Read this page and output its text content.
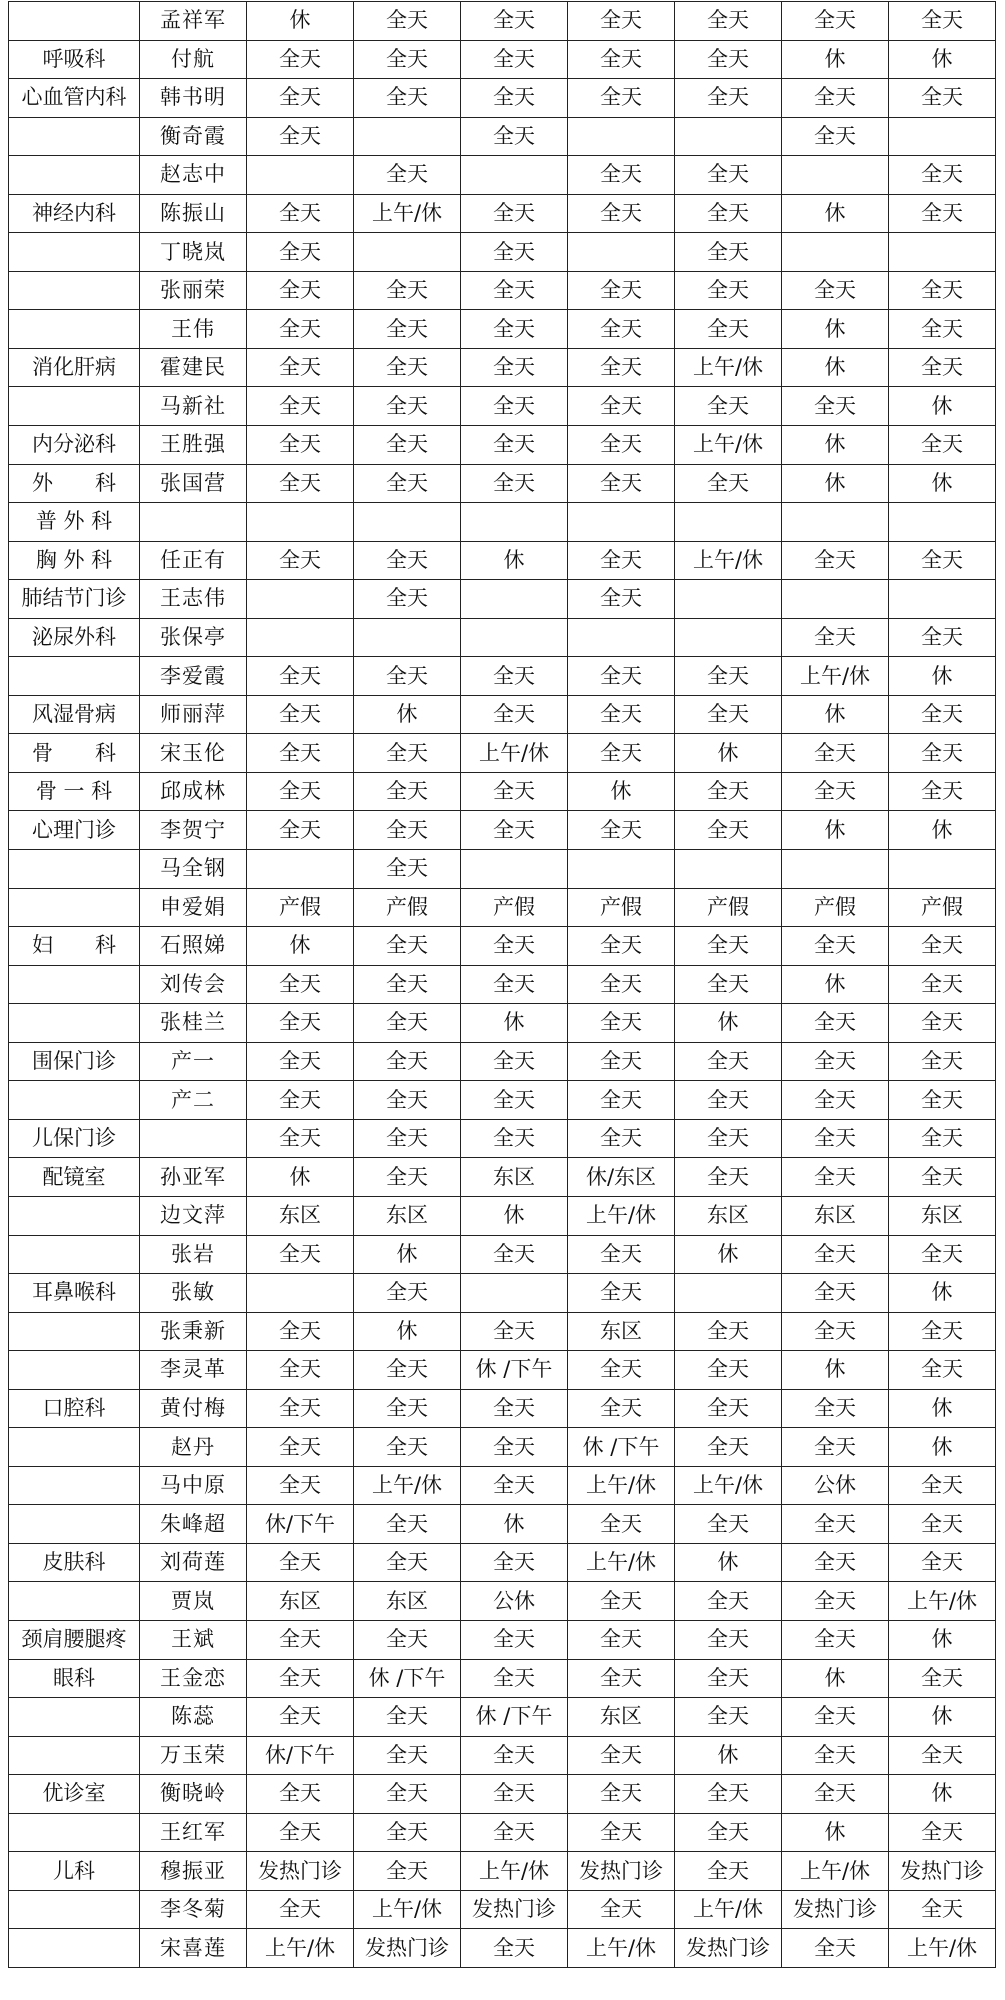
	孟祥军	休	全天	全天	全天	全天	全天	全天
呼吸科	付航	全天	全天	全天	全天	全天	休	休
心血管内科	韩书明	全天	全天	全天	全天	全天	全天	全天
	衡奇霞	全天		全天			全天	
	赵志中		全天		全天	全天		全天
神经内科	陈振山	全天	上午/休	全天	全天	全天	休	全天
	丁晓岚	全天		全天		全天		
	张丽荣	全天	全天	全天	全天	全天	全天	全天
	王伟	全天	全天	全天	全天	全天	休	全天
消化肝病	霍建民	全天	全天	全天	全天	上午/休	休	全天
	马新社	全天	全天	全天	全天	全天	全天	休
内分泌科	王胜强	全天	全天	全天	全天	上午/休	休	全天
外　　科	张国营	全天	全天	全天	全天	全天	休	休
普 外 科								
胸 外 科	任正有	全天	全天	休	全天	上午/休	全天	全天
肺结节门诊	王志伟		全天		全天			
泌尿外科	张保亭						全天	全天
	李爱霞	全天	全天	全天	全天	全天	上午/休	休
风湿骨病	师丽萍	全天	休	全天	全天	全天	休	全天
骨　　科	宋玉伦	全天	全天	上午/休	全天	休	全天	全天
骨 一 科	邱成林	全天	全天	全天	休	全天	全天	全天
心理门诊	李贺宁	全天	全天	全天	全天	全天	休	休
	马全钢		全天					
	申爱娟	产假	产假	产假	产假	产假	产假	产假
妇　　科	石照娣	休	全天	全天	全天	全天	全天	全天
	刘传会	全天	全天	全天	全天	全天	休	全天
	张桂兰	全天	全天	休	全天	休	全天	全天
围保门诊	产一	全天	全天	全天	全天	全天	全天	全天
	产二	全天	全天	全天	全天	全天	全天	全天
儿保门诊		全天	全天	全天	全天	全天	全天	全天
配镜室	孙亚军	休	全天	东区	休/东区	全天	全天	全天
	边文萍	东区	东区	休	上午/休	东区	东区	东区
	张岩	全天	休	全天	全天	休	全天	全天
耳鼻喉科	张敏		全天		全天		全天	休
	张秉新	全天	休	全天	东区	全天	全天	全天
	李灵革	全天	全天	休 /下午	全天	全天	休	全天
口腔科	黄付梅	全天	全天	全天	全天	全天	全天	休
	赵丹	全天	全天	全天	休 /下午	全天	全天	休
	马中原	全天	上午/休	全天	上午/休	上午/休	公休	全天
	朱峰超	休/下午	全天	休	全天	全天	全天	全天
皮肤科	刘荷莲	全天	全天	全天	上午/休	休	全天	全天
	贾岚	东区	东区	公休	全天	全天	全天	上午/休
颈肩腰腿疼	王斌	全天	全天	全天	全天	全天	全天	休
眼科	王金恋	全天	休 /下午	全天	全天	全天	休	全天
	陈蕊	全天	全天	休 /下午	东区	全天	全天	休
	万玉荣	休/下午	全天	全天	全天	休	全天	全天
优诊室	衡晓岭	全天	全天	全天	全天	全天	全天	休
	王红军	全天	全天	全天	全天	全天	休	全天
儿科	穆振亚	发热门诊	全天	上午/休	发热门诊	全天	上午/休	发热门诊
	李冬菊	全天	上午/休	发热门诊	全天	上午/休	发热门诊	全天
	宋喜莲	上午/休	发热门诊	全天	上午/休	发热门诊	全天	上午/休
